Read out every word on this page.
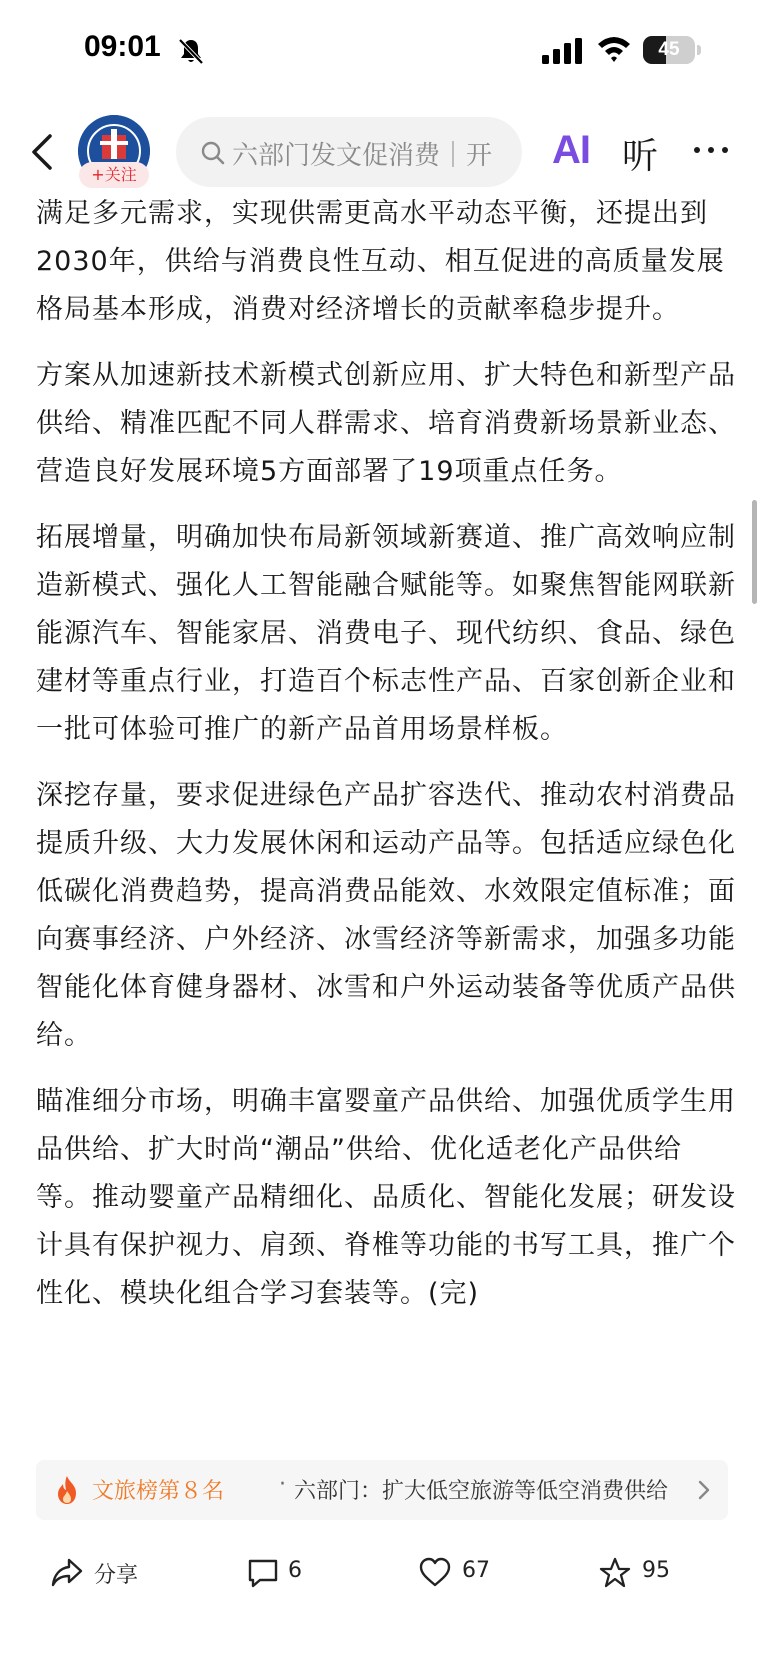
09:01	45
+关注
六部门发文促消费｜开 AI 听

满足多元需求，实现供需更高水平动态平衡，还提出到2030年，供给与消费良性互动、相互促进的高质量发展格局基本形成，消费对经济增长的贡献率稳步提升。

方案从加速新技术新模式创新应用、扩大特色和新型产品供给、精准匹配不同人群需求、培育消费新场景新业态、营造良好发展环境5方面部署了19项重点任务。

拓展增量，明确加快布局新领域新赛道、推广高效响应制造新模式、强化人工智能融合赋能等。如聚焦智能网联新能源汽车、智能家居、消费电子、现代纺织、食品、绿色建材等重点行业，打造百个标志性产品、百家创新企业和一批可体验可推广的新产品首用场景样板。

深挖存量，要求促进绿色产品扩容迭代、推动农村消费品提质升级、大力发展休闲和运动产品等。包括适应绿色化低碳化消费趋势，提高消费品能效、水效限定值标准；面向赛事经济、户外经济、冰雪经济等新需求，加强多功能智能化体育健身器材、冰雪和户外运动装备等优质产品供给。

瞄准细分市场，明确丰富婴童产品供给、加强优质学生用品供给、扩大时尚“潮品”供给、优化适老化产品供给等。推动婴童产品精细化、品质化、智能化发展；研发设计具有保护视力、肩颈、脊椎等功能的书写工具，推广个性化、模块化组合学习套装等。(完)

文旅榜第８名 · 六部门：扩大低空旅游等低空消费供给
分享	6	67	95
